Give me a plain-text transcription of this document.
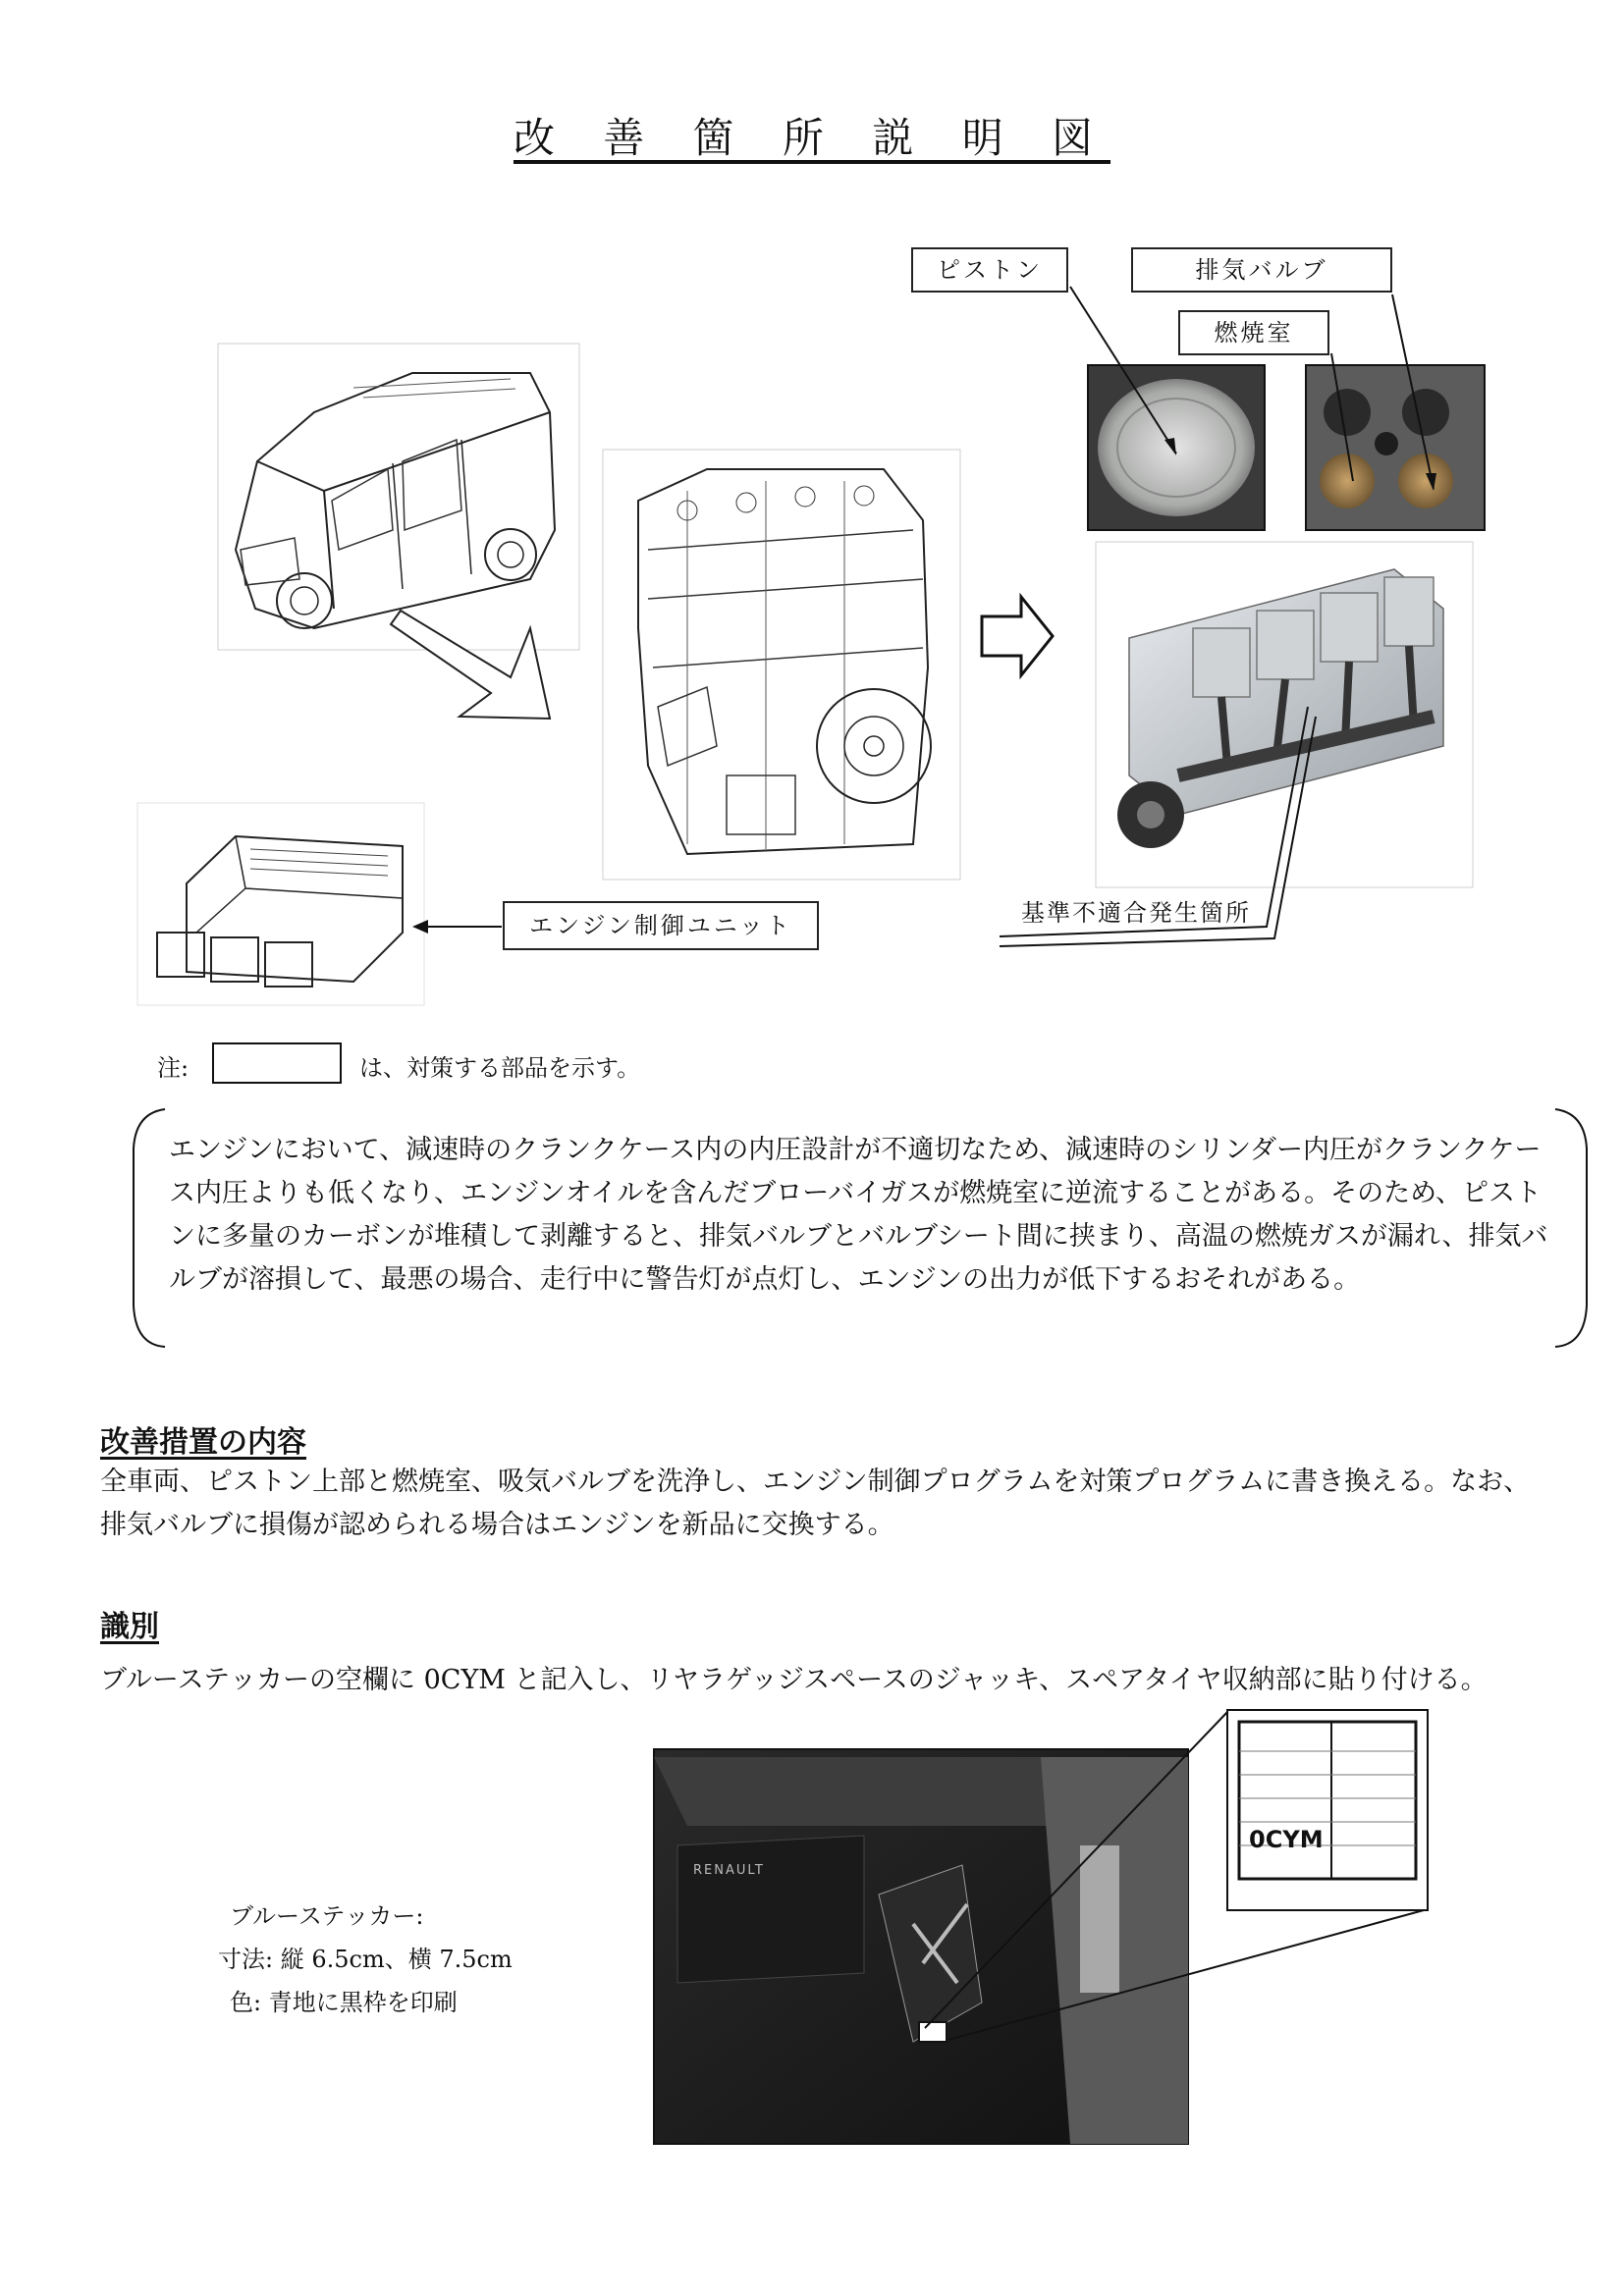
改 善 箇 所 説 明 図
ピストン	排気バルブ
燃焼室
エンジン制御ユニット	基準不適合発生箇所
注:	は、対策する部品を示す。
エンジンにおいて、減速時のクランクケース内の内圧設計が不適切なため、減速時のシリンダー内圧がクランクケース内圧よりも低くなり、エンジンオイルを含んだブローバイガスが燃焼室に逆流することがある。そのため、ピストンに多量のカーボンが堆積して剥離すると、排気バルブとバルブシート間に挟まり、高温の燃焼ガスが漏れ、排気バルブが溶損して、最悪の場合、走行中に警告灯が点灯し、エンジンの出力が低下するおそれがある。
改善措置の内容
全車両、ピストン上部と燃焼室、吸気バルブを洗浄し、エンジン制御プログラムを対策プログラムに書き換える。なお、排気バルブに損傷が認められる場合はエンジンを新品に交換する。
識別
ブルーステッカーの空欄に 0CYM と記入し、リヤラゲッジスペースのジャッキ、スペアタイヤ収納部に貼り付ける。
ブルーステッカー:
寸法: 縦 6.5cm、横 7.5cm
色: 青地に黒枠を印刷
RENAULT
0CYM
